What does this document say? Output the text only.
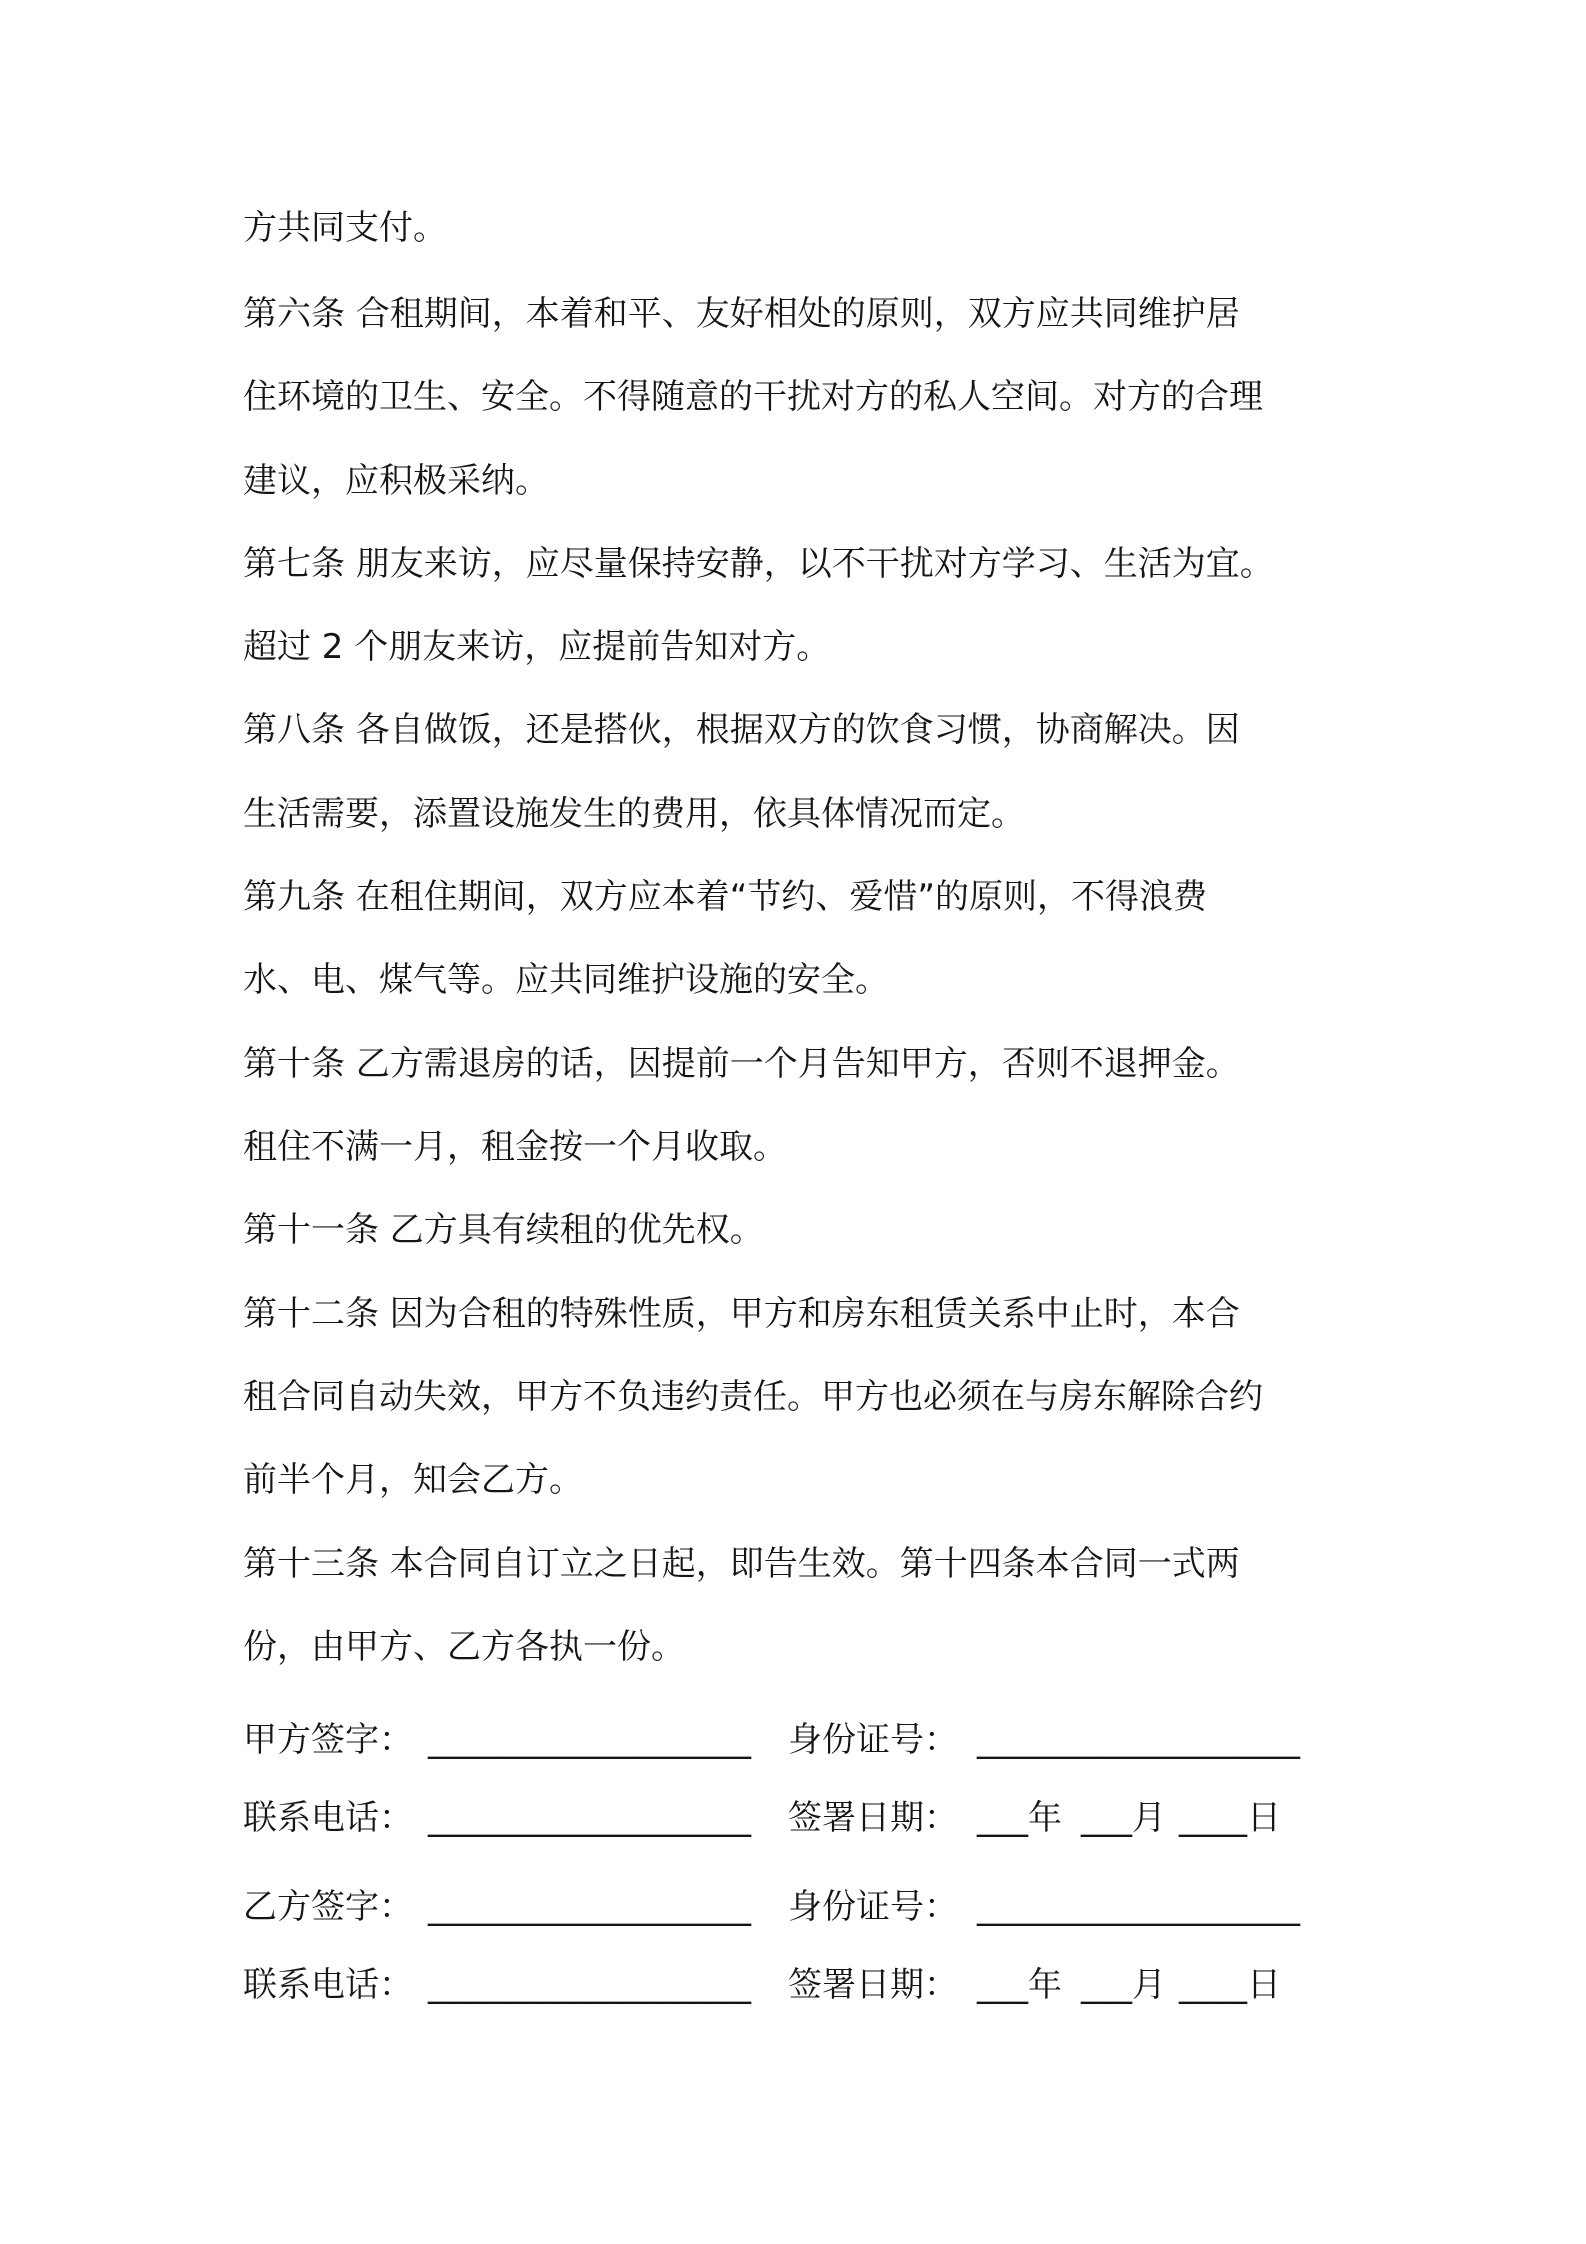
方共同支付。

第六条 合租期间，本着和平、友好相处的原则，双方应共同维护居

住环境的卫生、安全。不得随意的干扰对方的私人空间。对方的合理

建议，应积极采纳。

第七条 朋友来访，应尽量保持安静，以不干扰对方学习、生活为宜。

超过 2 个朋友来访，应提前告知对方。

第八条 各自做饭，还是搭伙，根据双方的饮食习惯，协商解决。因

生活需要，添置设施发生的费用，依具体情况而定。

第九条 在租住期间，双方应本着“节约、爱惜”的原则，不得浪费

水、电、煤气等。应共同维护设施的安全。

第十条 乙方需退房的话，因提前一个月告知甲方，否则不退押金。

租住不满一月，租金按一个月收取。

第十一条 乙方具有续租的优先权。

第十二条 因为合租的特殊性质，甲方和房东租赁关系中止时，本合

租合同自动失效，甲方不负违约责任。甲方也必须在与房东解除合约

前半个月，知会乙方。

第十三条 本合同自订立之日起，即告生效。第十四条本合同一式两

份，由甲方、乙方各执一份。

甲方签字： ___________________ 身份证号： ___________________
联系电话： ___________________ 签署日期： ___年 ___月 ____日
乙方签字： ___________________ 身份证号： ___________________
联系电话： ___________________ 签署日期： ___年 ___月 ____日
